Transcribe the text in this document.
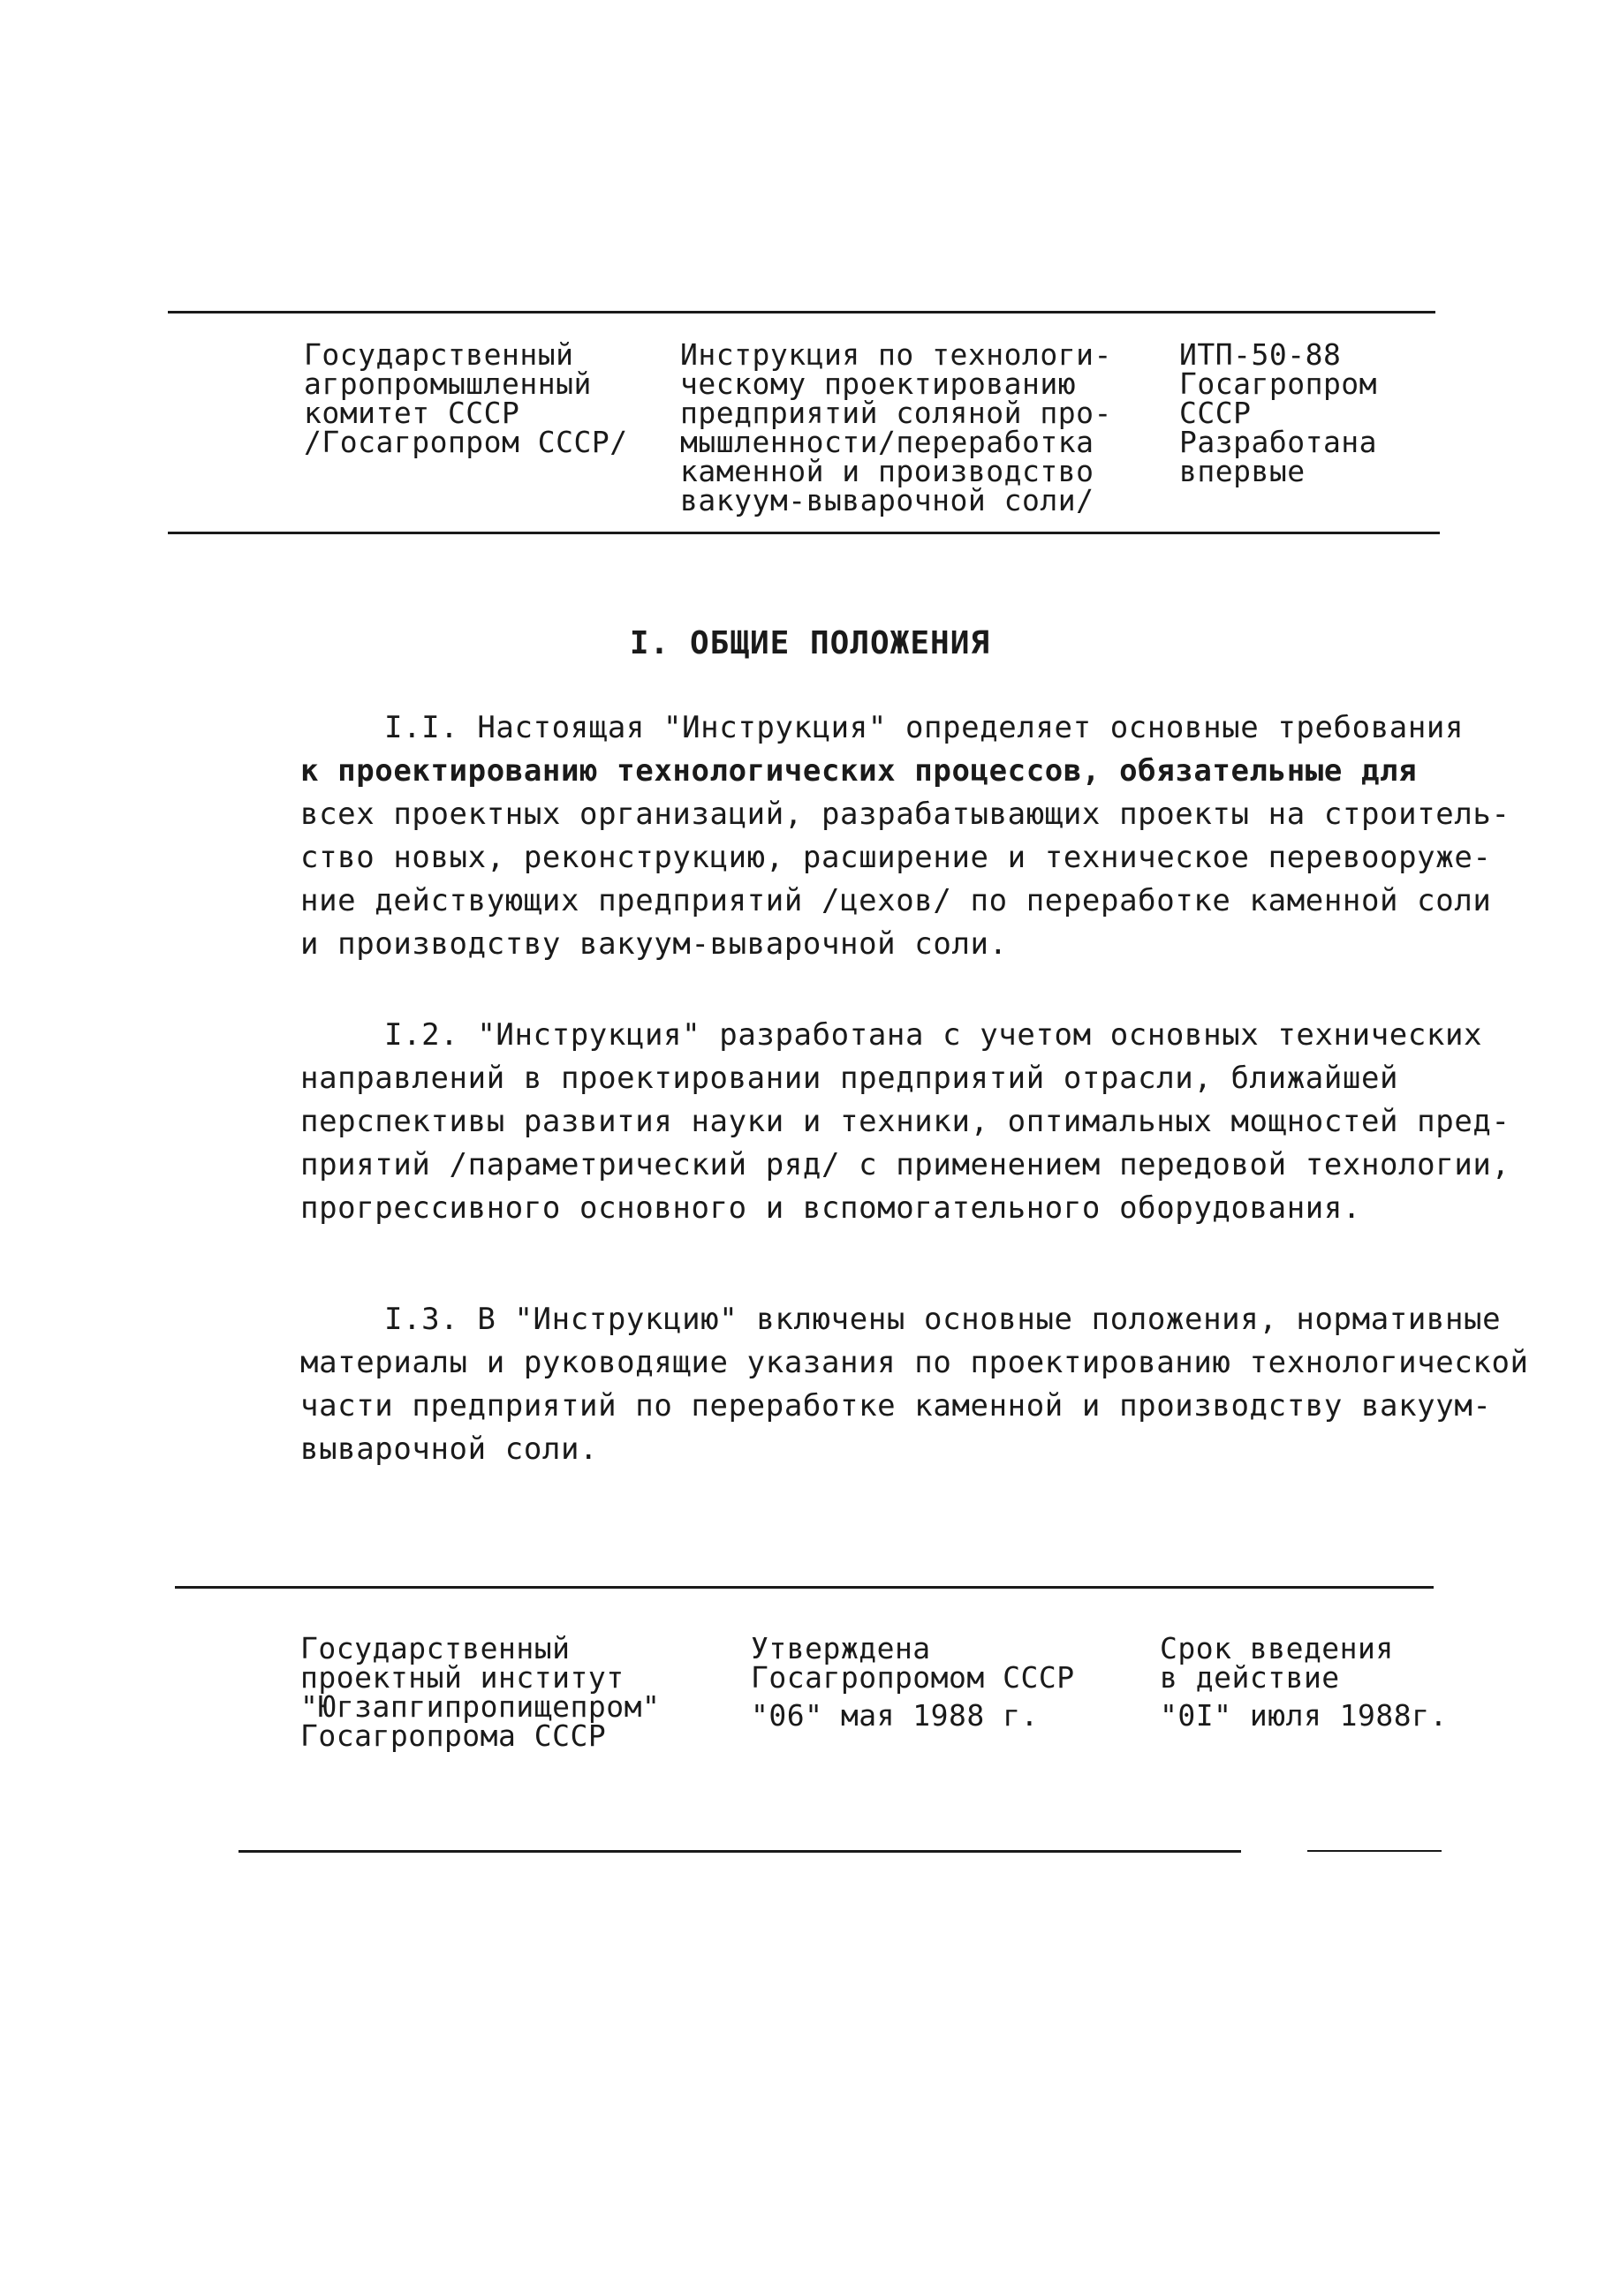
Государственный
агропромышленный
комитет СССР
/Госагропром СССР/
Инструкция по технологи-
ческому проектированию
предприятий соляной про-
мышленности/переработка
каменной и производство
вакуум-выварочной соли/
ИТП-50-88
Госагропром
СССР
Разработана
впервые
I. ОБЩИЕ ПОЛОЖЕНИЯ
I.I. Настоящая "Инструкция" определяет основные требования
к проектированию технологических процессов, обязательные для
всех проектных организаций, разрабатывающих проекты на строитель-
ство новых, реконструкцию, расширение и техническое перевооруже-
ние действующих предприятий /цехов/ по переработке каменной соли
и производству вакуум-выварочной соли.
I.2. "Инструкция" разработана с учетом основных технических
направлений в проектировании предприятий отрасли, ближайшей
перспективы развития науки и техники, оптимальных мощностей пред-
приятий /параметрический ряд/ с применением передовой технологии,
прогрессивного основного и вспомогательного оборудования.
I.3. В "Инструкцию" включены основные положения, нормативные
материалы и руководящие указания по проектированию технологической
части предприятий по переработке каменной и производству вакуум-
выварочной соли.
Государственный
проектный институт
"Югзапгипропищепром"
Госагропрома СССР
Утверждена
Госагропромом СССР
"06" мая 1988 г.
Срок введения
в действие
"0I" июля 1988г.
